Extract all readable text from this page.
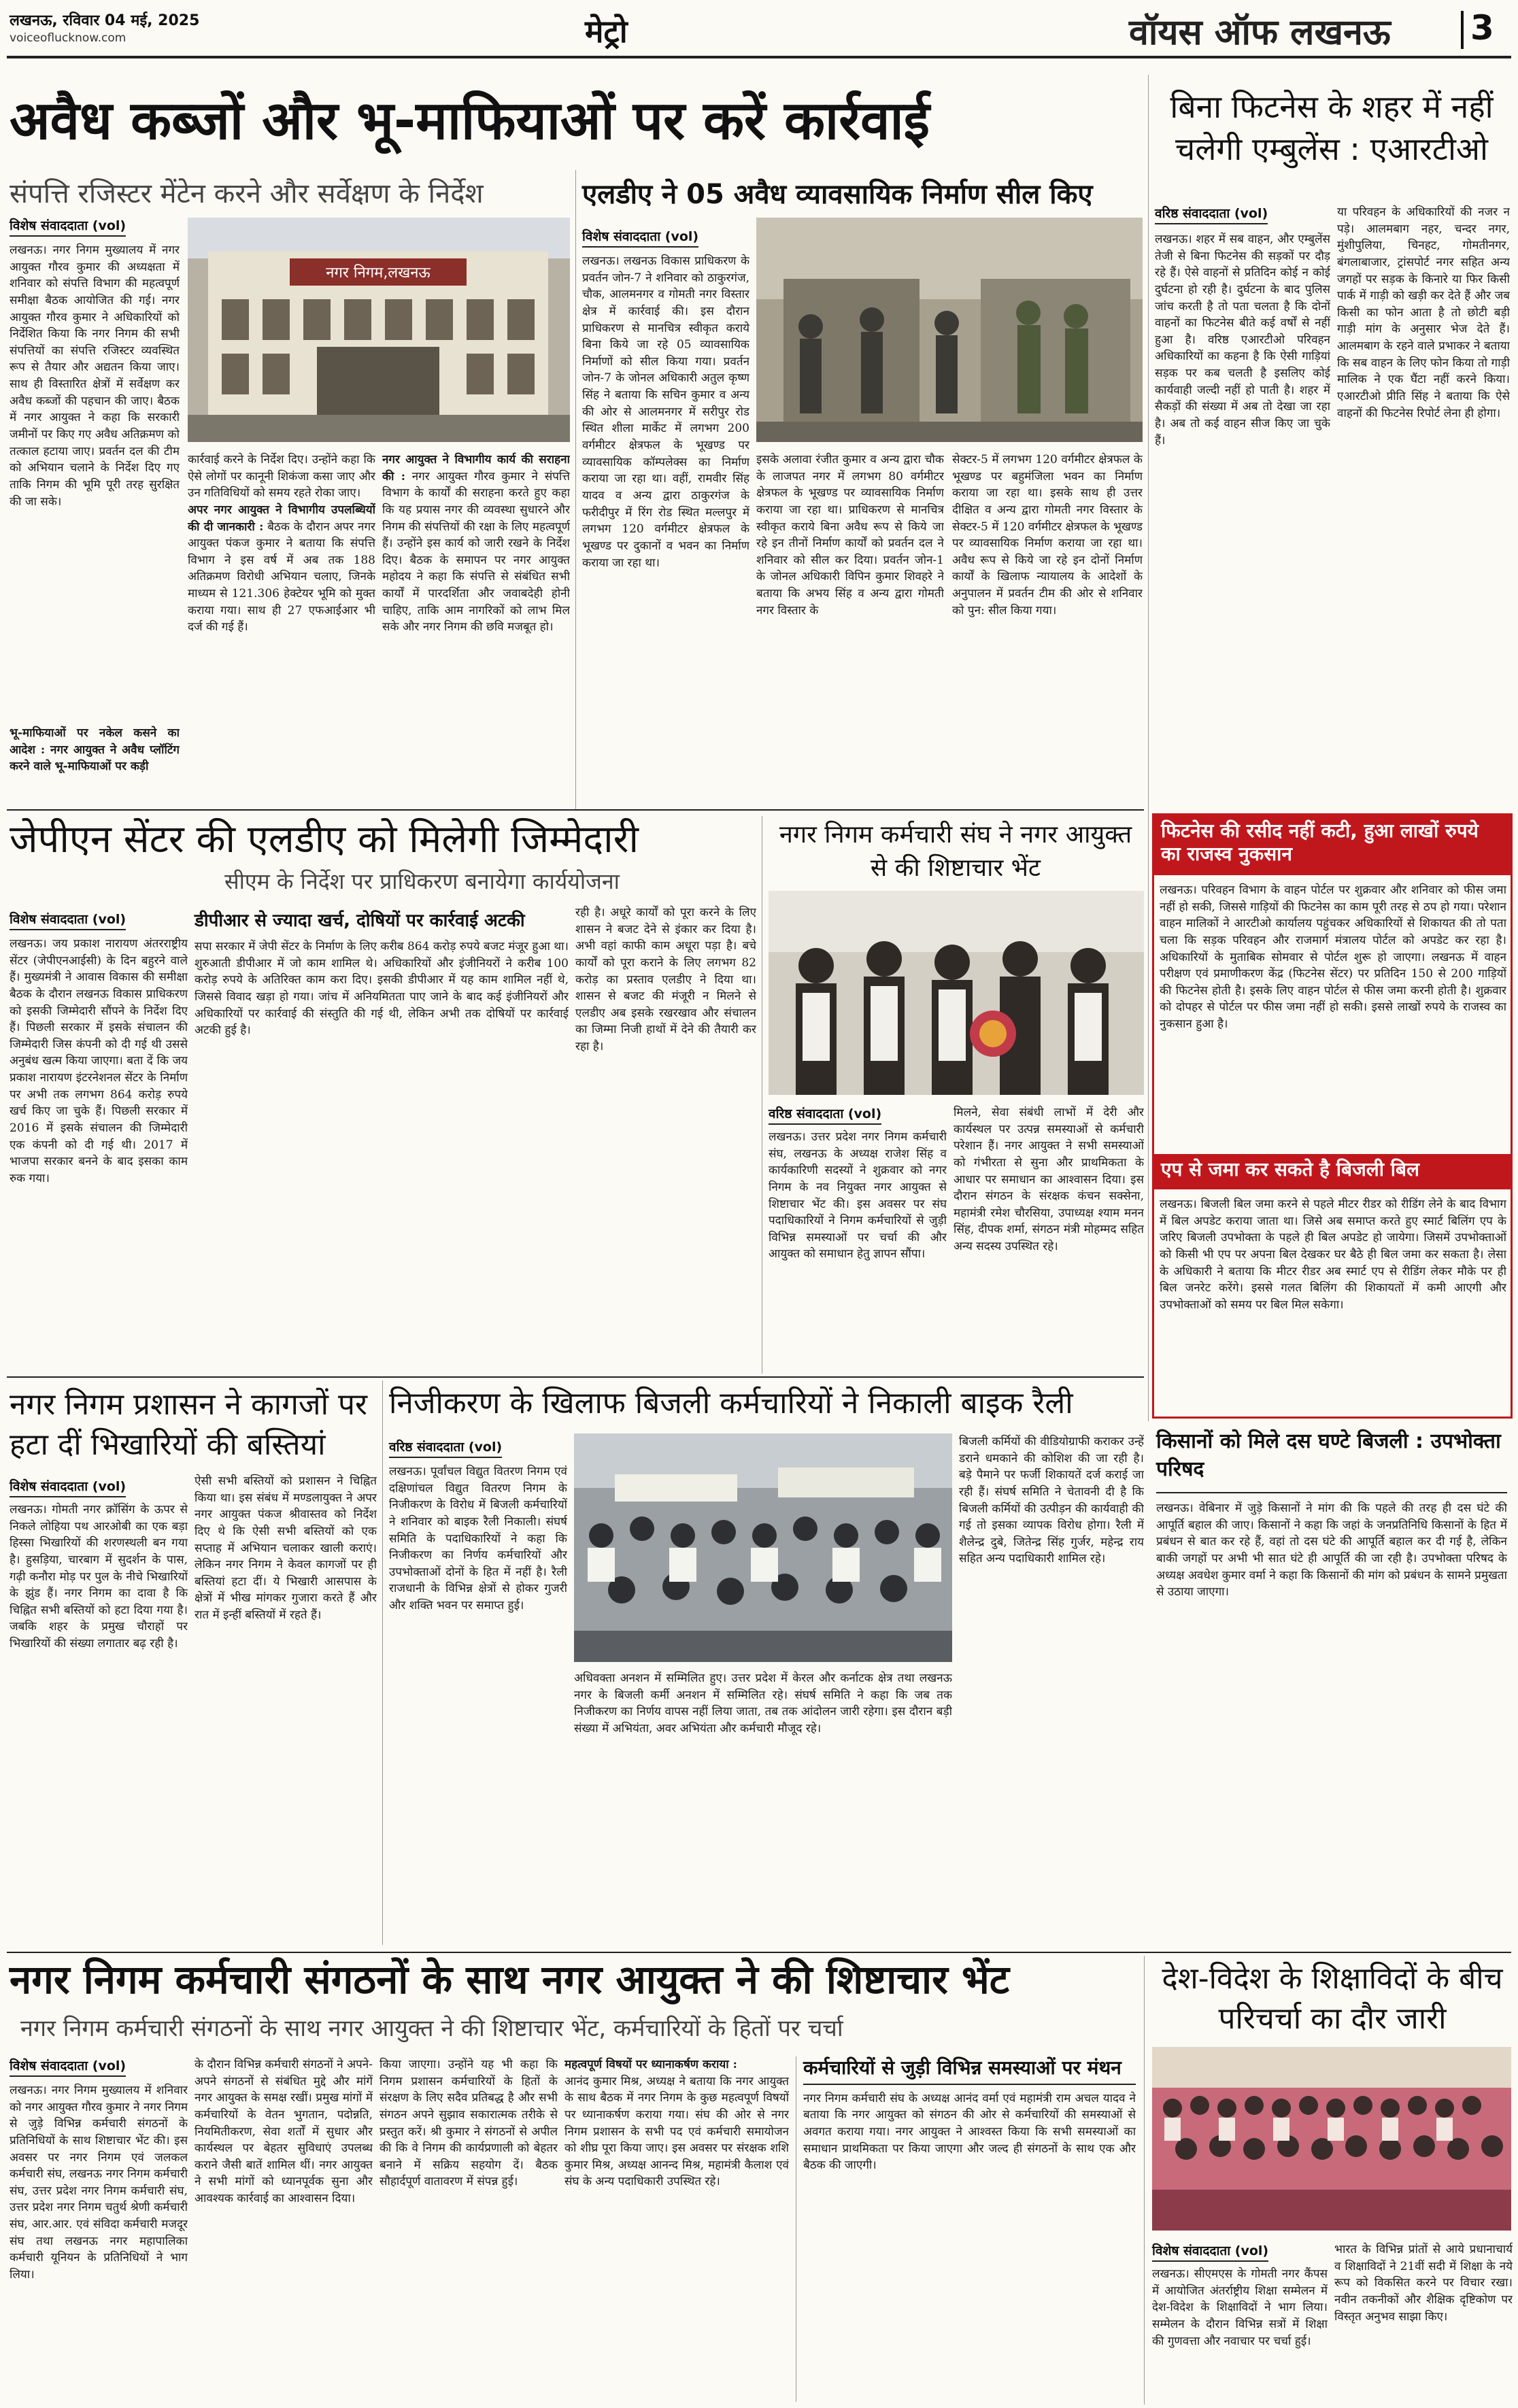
लखनऊ, रविवार 04 मई, 2025
voiceoflucknow.com	मेट्रो	वॉयस ऑफ लखनऊ 3
अवैध कब्जों और भू-माफियाओं पर करें कार्रवाई
संपत्ति रजिस्टर मेंटेन करने और सर्वेक्षण के निर्देश
विशेष संवाददाता (vol)
लखनऊ। नगर निगम मुख्यालय में नगर आयुक्त गौरव कुमार की अध्यक्षता में शनिवार को संपत्ति विभाग की महत्वपूर्ण समीक्षा बैठक आयोजित की गई। नगर आयुक्त गौरव कुमार ने अधिकारियों को निर्देशित किया कि नगर निगम की सभी संपत्तियों का संपत्ति रजिस्टर व्यवस्थित रूप से तैयार और अद्यतन किया जाए। साथ ही विस्तारित क्षेत्रों में सर्वेक्षण कर अवैध कब्जों की पहचान की जाए। बैठक में नगर आयुक्त ने कहा कि सरकारी जमीनों पर किए गए अवैध अतिक्रमण को तत्काल हटाया जाए। प्रवर्तन दल की टीम को अभियान चलाने के निर्देश दिए गए ताकि निगम की भूमि पूरी तरह सुरक्षित की जा सके।
भू-माफियाओं पर नकेल कसने का आदेश : नगर आयुक्त ने अवैध प्लॉटिंग करने वाले भू-माफियाओं पर कड़ी
नगर निगम,लखनऊ
कार्रवाई करने के निर्देश दिए। उन्होंने कहा कि ऐसे लोगों पर कानूनी शिकंजा कसा जाए और उन गतिविधियों को समय रहते रोका जाए।
अपर नगर आयुक्त ने विभागीय उपलब्धियों की दी जानकारी : बैठक के दौरान अपर नगर आयुक्त पंकज कुमार ने बताया कि संपत्ति विभाग ने इस वर्ष में अब तक 188 अतिक्रमण विरोधी अभियान चलाए, जिनके माध्यम से 121.306 हेक्टेयर भूमि को मुक्त कराया गया। साथ ही 27 एफआईआर भी दर्ज की गई हैं।
नगर आयुक्त ने विभागीय कार्य की सराहना की : नगर आयुक्त गौरव कुमार ने संपत्ति विभाग के कार्यों की सराहना करते हुए कहा कि यह प्रयास नगर की व्यवस्था सुधारने और निगम की संपत्तियों की रक्षा के लिए महत्वपूर्ण हैं। उन्होंने इस कार्य को जारी रखने के निर्देश दिए। बैठक के समापन पर नगर आयुक्त महोदय ने कहा कि संपत्ति से संबंधित सभी कार्यों में पारदर्शिता और जवाबदेही होनी चाहिए, ताकि आम नागरिकों को लाभ मिल सके और नगर निगम की छवि मजबूत हो।
एलडीए ने 05 अवैध व्यावसायिक निर्माण सील किए
विशेष संवाददाता (vol)
लखनऊ। लखनऊ विकास प्राधिकरण के प्रवर्तन जोन-7 ने शनिवार को ठाकुरगंज, चौक, आलमनगर व गोमती नगर विस्तार क्षेत्र में कार्रवाई की। इस दौरान प्राधिकरण से मानचित्र स्वीकृत कराये बिना किये जा रहे 05 व्यावसायिक निर्माणों को सील किया गया। प्रवर्तन जोन-7 के जोनल अधिकारी अतुल कृष्ण सिंह ने बताया कि सचिन कुमार व अन्य की ओर से आलमनगर में सरीपुर रोड स्थित शीला मार्केट में लगभग 200 वर्गमीटर क्षेत्रफल के भूखण्ड पर व्यावसायिक कॉम्पलेक्स का निर्माण कराया जा रहा था। वहीं, रामवीर सिंह यादव व अन्य द्वारा ठाकुरगंज के फरीदीपुर में रिंग रोड स्थित मल्लपुर में लगभग 120 वर्गमीटर क्षेत्रफल के भूखण्ड पर दुकानों व भवन का निर्माण कराया जा रहा था।
इसके अलावा रंजीत कुमार व अन्य द्वारा चौक के लाजपत नगर में लगभग 80 वर्गमीटर क्षेत्रफल के भूखण्ड पर व्यावसायिक निर्माण कराया जा रहा था। प्राधिकरण से मानचित्र स्वीकृत कराये बिना अवैध रूप से किये जा रहे इन तीनों निर्माण कार्यों को प्रवर्तन दल ने शनिवार को सील कर दिया। प्रवर्तन जोन-1 के जोनल अधिकारी विपिन कुमार शिवहरे ने बताया कि अभय सिंह व अन्य द्वारा गोमती नगर विस्तार के
सेक्टर-5 में लगभग 120 वर्गमीटर क्षेत्रफल के भूखण्ड पर बहुमंजिला भवन का निर्माण कराया जा रहा था। इसके साथ ही उत्तर दीक्षित व अन्य द्वारा गोमती नगर विस्तार के सेक्टर-5 में 120 वर्गमीटर क्षेत्रफल के भूखण्ड पर व्यावसायिक निर्माण कराया जा रहा था। अवैध रूप से किये जा रहे इन दोनों निर्माण कार्यों के खिलाफ न्यायालय के आदेशों के अनुपालन में प्रवर्तन टीम की ओर से शनिवार को पुन: सील किया गया।
बिना फिटनेस के शहर में नहीं चलेगी एम्बुलेंस : एआरटीओ
वरिष्ठ संवाददाता (vol)
लखनऊ। शहर में सब वाहन, और एम्बुलेंस तेजी से बिना फिटनेस की सड़कों पर दौड़ रहे हैं। ऐसे वाहनों से प्रतिदिन कोई न कोई दुर्घटना हो रही है। दुर्घटना के बाद पुलिस जांच करती है तो पता चलता है कि दोनों वाहनों का फिटनेस बीते कई वर्षों से नहीं हुआ है। वरिष्ठ एआरटीओ परिवहन अधिकारियों का कहना है कि ऐसी गाड़ियां सड़क पर कब चलती है इसलिए कोई कार्यवाही जल्दी नहीं हो पाती है। शहर में सैकड़ों की संख्या में अब तो देखा जा रहा है। अब तो कई वाहन सीज किए जा चुके हैं।
या परिवहन के अधिकारियों की नजर न पड़े। आलमबाग नहर, चन्दर नगर, मुंशीपुलिया, चिनहट, गोमतीनगर, बंगलाबाजार, ट्रांसपोर्ट नगर सहित अन्य जगहों पर सड़क के किनारे या फिर किसी पार्क में गाड़ी को खड़ी कर देते हैं और जब किसी का फोन आता है तो छोटी बड़ी गाड़ी मांग के अनुसार भेज देते हैं। आलमबाग के रहने वाले प्रभाकर ने बताया कि सब वाहन के लिए फोन किया तो गाड़ी मालिक ने एक घैंटा नहीं करने किया। एआरटीओ प्रीति सिंह ने बताया कि ऐसे वाहनों की फिटनेस रिपोर्ट लेना ही होगा।
जेपीएन सेंटर की एलडीए को मिलेगी जिम्मेदारी
सीएम के निर्देश पर प्राधिकरण बनायेगा कार्ययोजना
विशेष संवाददाता (vol)
लखनऊ। जय प्रकाश नारायण अंतरराष्ट्रीय सेंटर (जेपीएनआईसी) के दिन बहुरने वाले हैं। मुख्यमंत्री ने आवास विकास की समीक्षा बैठक के दौरान लखनऊ विकास प्राधिकरण को इसकी जिम्मेदारी सौंपने के निर्देश दिए हैं। पिछली सरकार में इसके संचालन की जिम्मेदारी जिस कंपनी को दी गई थी उससे अनुबंध खत्म किया जाएगा। बता दें कि जय प्रकाश नारायण इंटरनेशनल सेंटर के निर्माण पर अभी तक लगभग 864 करोड़ रुपये खर्च किए जा चुके हैं। पिछली सरकार में 2016 में इसके संचालन की जिम्मेदारी एक कंपनी को दी गई थी। 2017 में भाजपा सरकार बनने के बाद इसका काम रुक गया।
डीपीआर से ज्यादा खर्च, दोषियों पर कार्रवाई अटकी
सपा सरकार में जेपी सेंटर के निर्माण के लिए करीब 864 करोड़ रुपये बजट मंजूर हुआ था। शुरुआती डीपीआर में जो काम शामिल थे। अधिकारियों और इंजीनियरों ने करीब 100 करोड़ रुपये के अतिरिक्त काम करा दिए। इसकी डीपीआर में यह काम शामिल नहीं थे, जिससे विवाद खड़ा हो गया। जांच में अनियमितता पाए जाने के बाद कई इंजीनियरों और अधिकारियों पर कार्रवाई की संस्तुति की गई थी, लेकिन अभी तक दोषियों पर कार्रवाई अटकी हुई है।
रही है। अधूरे कार्यों को पूरा करने के लिए शासन ने बजट देने से इंकार कर दिया है। अभी वहां काफी काम अधूरा पड़ा है। बचे कार्यों को पूरा कराने के लिए लगभग 82 करोड़ का प्रस्ताव एलडीए ने दिया था। शासन से बजट की मंजूरी न मिलने से एलडीए अब इसके रखरखाव और संचालन का जिम्मा निजी हाथों में देने की तैयारी कर रहा है।
नगर निगम कर्मचारी संघ ने नगर आयुक्त से की शिष्टाचार भेंट
वरिष्ठ संवाददाता (vol)
लखनऊ। उत्तर प्रदेश नगर निगम कर्मचारी संघ, लखनऊ के अध्यक्ष राजेश सिंह व कार्यकारिणी सदस्यों ने शुक्रवार को नगर निगम के नव नियुक्त नगर आयुक्त से शिष्टाचार भेंट की। इस अवसर पर संघ पदाधिकारियों ने निगम कर्मचारियों से जुड़ी विभिन्न समस्याओं पर चर्चा की और आयुक्त को समाधान हेतु ज्ञापन सौंपा।
मिलने, सेवा संबंधी लाभों में देरी और कार्यस्थल पर उत्पन्न समस्याओं से कर्मचारी परेशान हैं। नगर आयुक्त ने सभी समस्याओं को गंभीरता से सुना और प्राथमिकता के आधार पर समाधान का आश्वासन दिया। इस दौरान संगठन के संरक्षक कंचन सक्सेना, महामंत्री रमेश चौरसिया, उपाध्यक्ष श्याम मनन सिंह, दीपक शर्मा, संगठन मंत्री मोहम्मद सहित अन्य सदस्य उपस्थित रहे।
फिटनेस की रसीद नहीं कटी, हुआ लाखों रुपये का राजस्व नुकसान
लखनऊ। परिवहन विभाग के वाहन पोर्टल पर शुक्रवार और शनिवार को फीस जमा नहीं हो सकी, जिससे गाड़ियों की फिटनेस का काम पूरी तरह से ठप हो गया। परेशान वाहन मालिकों ने आरटीओ कार्यालय पहुंचकर अधिकारियों से शिकायत की तो पता चला कि सड़क परिवहन और राजमार्ग मंत्रालय पोर्टल को अपडेट कर रहा है। अधिकारियों के मुताबिक सोमवार से पोर्टल शुरू हो जाएगा। लखनऊ में वाहन परीक्षण एवं प्रमाणीकरण केंद्र (फिटनेस सेंटर) पर प्रतिदिन 150 से 200 गाड़ियों की फिटनेस होती है। इसके लिए वाहन पोर्टल से फीस जमा करनी होती है। शुक्रवार को दोपहर से पोर्टल पर फीस जमा नहीं हो सकी। इससे लाखों रुपये के राजस्व का नुकसान हुआ है।
एप से जमा कर सकते है बिजली बिल
लखनऊ। बिजली बिल जमा करने से पहले मीटर रीडर को रीडिंग लेने के बाद विभाग में बिल अपडेट कराया जाता था। जिसे अब समाप्त करते हुए स्मार्ट बिलिंग एप के जरिए बिजली उपभोक्ता के पहले ही बिल अपडेट हो जायेगा। जिसमें उपभोक्ताओं को किसी भी एप पर अपना बिल देखकर घर बैठे ही बिल जमा कर सकता है। लेसा के अधिकारी ने बताया कि मीटर रीडर अब स्मार्ट एप से रीडिंग लेकर मौके पर ही बिल जनरेट करेंगे। इससे गलत बिलिंग की शिकायतों में कमी आएगी और उपभोक्ताओं को समय पर बिल मिल सकेगा।
नगर निगम प्रशासन ने कागजों पर हटा दीं भिखारियों की बस्तियां
विशेष संवाददाता (vol)
लखनऊ। गोमती नगर क्रॉसिंग के ऊपर से निकले लोहिया पथ आरओबी का एक बड़ा हिस्सा भिखारियों की शरणस्थली बन गया है। हुसड़िया, चारबाग में सुदर्शन के पास, गढ़ी कनौरा मोड़ पर पुल के नीचे भिखारियों के झुंड हैं। नगर निगम का दावा है कि चिह्नित सभी बस्तियों को हटा दिया गया है। जबकि शहर के प्रमुख चौराहों पर भिखारियों की संख्या लगातार बढ़ रही है।
ऐसी सभी बस्तियों को प्रशासन ने चिह्नित किया था। इस संबंध में मण्डलायुक्त ने अपर नगर आयुक्त पंकज श्रीवास्तव को निर्देश दिए थे कि ऐसी सभी बस्तियों को एक सप्ताह में अभियान चलाकर खाली कराएं। लेकिन नगर निगम ने केवल कागजों पर ही बस्तियां हटा दीं। ये भिखारी आसपास के क्षेत्रों में भीख मांगकर गुजारा करते हैं और रात में इन्हीं बस्तियों में रहते हैं।
निजीकरण के खिलाफ बिजली कर्मचारियों ने निकाली बाइक रैली
वरिष्ठ संवाददाता (vol)
लखनऊ। पूर्वांचल विद्युत वितरण निगम एवं दक्षिणांचल विद्युत वितरण निगम के निजीकरण के विरोध में बिजली कर्मचारियों ने शनिवार को बाइक रैली निकाली। संघर्ष समिति के पदाधिकारियों ने कहा कि निजीकरण का निर्णय कर्मचारियों और उपभोक्ताओं दोनों के हित में नहीं है। रैली राजधानी के विभिन्न क्षेत्रों से होकर गुजरी और शक्ति भवन पर समाप्त हुई।
अधिवक्ता अनशन में सम्मिलित हुए। उत्तर प्रदेश में केरल और कर्नाटक क्षेत्र तथा लखनऊ नगर के बिजली कर्मी अनशन में सम्मिलित रहे। संघर्ष समिति ने कहा कि जब तक निजीकरण का निर्णय वापस नहीं लिया जाता, तब तक आंदोलन जारी रहेगा। इस दौरान बड़ी संख्या में अभियंता, अवर अभियंता और कर्मचारी मौजूद रहे।
बिजली कर्मियों की वीडियोग्राफी कराकर उन्हें डराने धमकाने की कोशिश की जा रही है। बड़े पैमाने पर फर्जी शिकायतें दर्ज कराई जा रही हैं। संघर्ष समिति ने चेतावनी दी है कि बिजली कर्मियों की उत्पीड़न की कार्यवाही की गई तो इसका व्यापक विरोध होगा। रैली में शैलेन्द्र दुबे, जितेन्द्र सिंह गुर्जर, महेन्द्र राय सहित अन्य पदाधिकारी शामिल रहे।
किसानों को मिले दस घण्टे बिजली : उपभोक्ता परिषद
लखनऊ। वेबिनार में जुड़े किसानों ने मांग की कि पहले की तरह ही दस घंटे की आपूर्ति बहाल की जाए। किसानों ने कहा कि जहां के जनप्रतिनिधि किसानों के हित में प्रबंधन से बात कर रहे हैं, वहां तो दस घंटे की आपूर्ति बहाल कर दी गई है, लेकिन बाकी जगहों पर अभी भी सात घंटे ही आपूर्ति की जा रही है। उपभोक्ता परिषद के अध्यक्ष अवधेश कुमार वर्मा ने कहा कि किसानों की मांग को प्रबंधन के सामने प्रमुखता से उठाया जाएगा।
नगर निगम कर्मचारी संगठनों के साथ नगर आयुक्त ने की शिष्टाचार भेंट
नगर निगम कर्मचारी संगठनों के साथ नगर आयुक्त ने की शिष्टाचार भेंट, कर्मचारियों के हितों पर चर्चा
विशेष संवाददाता (vol)
लखनऊ। नगर निगम मुख्यालय में शनिवार को नगर आयुक्त गौरव कुमार ने नगर निगम से जुड़े विभिन्न कर्मचारी संगठनों के प्रतिनिधियों के साथ शिष्टाचार भेंट की। इस अवसर पर नगर निगम एवं जलकल कर्मचारी संघ, लखनऊ नगर निगम कर्मचारी संघ, उत्तर प्रदेश नगर निगम कर्मचारी संघ, उत्तर प्रदेश नगर निगम चतुर्थ श्रेणी कर्मचारी संघ, आर.आर. एवं संविदा कर्मचारी मजदूर संघ तथा लखनऊ नगर महापालिका कर्मचारी यूनियन के प्रतिनिधियों ने भाग लिया।
के दौरान विभिन्न कर्मचारी संगठनों ने अपने-अपने संगठनों से संबंधित मुद्दे और मांगें नगर आयुक्त के समक्ष रखीं। प्रमुख मांगों में कर्मचारियों के वेतन भुगतान, पदोन्नति, नियमितीकरण, सेवा शर्तों में सुधार और कार्यस्थल पर बेहतर सुविधाएं उपलब्ध कराने जैसी बातें शामिल थीं। नगर आयुक्त ने सभी मांगों को ध्यानपूर्वक सुना और आवश्यक कार्रवाई का आश्वासन दिया।
किया जाएगा। उन्होंने यह भी कहा कि निगम प्रशासन कर्मचारियों के हितों के संरक्षण के लिए सदैव प्रतिबद्ध है और सभी संगठन अपने सुझाव सकारात्मक तरीके से प्रस्तुत करें। श्री कुमार ने संगठनों से अपील की कि वे निगम की कार्यप्रणाली को बेहतर बनाने में सक्रिय सहयोग दें। बैठक सौहार्दपूर्ण वातावरण में संपन्न हुई।
महत्वपूर्ण विषयों पर ध्यानाकर्षण कराया :
आनंद कुमार मिश्र, अध्यक्ष ने बताया कि नगर आयुक्त के साथ बैठक में नगर निगम के कुछ महत्वपूर्ण विषयों पर ध्यानाकर्षण कराया गया। संघ की ओर से नगर निगम प्रशासन के सभी पद एवं कर्मचारी समायोजन को शीघ्र पूरा किया जाए। इस अवसर पर संरक्षक शशि कुमार मिश्र, अध्यक्ष आनन्द मिश्र, महामंत्री कैलाश एवं संघ के अन्य पदाधिकारी उपस्थित रहे।
कर्मचारियों से जुड़ी विभिन्न समस्याओं पर मंथन
नगर निगम कर्मचारी संघ के अध्यक्ष आनंद वर्मा एवं महामंत्री राम अचल यादव ने बताया कि नगर आयुक्त को संगठन की ओर से कर्मचारियों की समस्याओं से अवगत कराया गया। नगर आयुक्त ने आश्वस्त किया कि सभी समस्याओं का समाधान प्राथमिकता पर किया जाएगा और जल्द ही संगठनों के साथ एक और बैठक की जाएगी।
देश-विदेश के शिक्षाविदों के बीच परिचर्चा का दौर जारी
विशेष संवाददाता (vol)
लखनऊ। सीएमएस के गोमती नगर कैंपस में आयोजित अंतर्राष्ट्रीय शिक्षा सम्मेलन में देश-विदेश के शिक्षाविदों ने भाग लिया। सम्मेलन के दौरान विभिन्न सत्रों में शिक्षा की गुणवत्ता और नवाचार पर चर्चा हुई।
भारत के विभिन्न प्रांतों से आये प्रधानाचार्य व शिक्षाविदों ने 21वीं सदी में शिक्षा के नये रूप को विकसित करने पर विचार रखा। नवीन तकनीकों और शैक्षिक दृष्टिकोण पर विस्तृत अनुभव साझा किए।
